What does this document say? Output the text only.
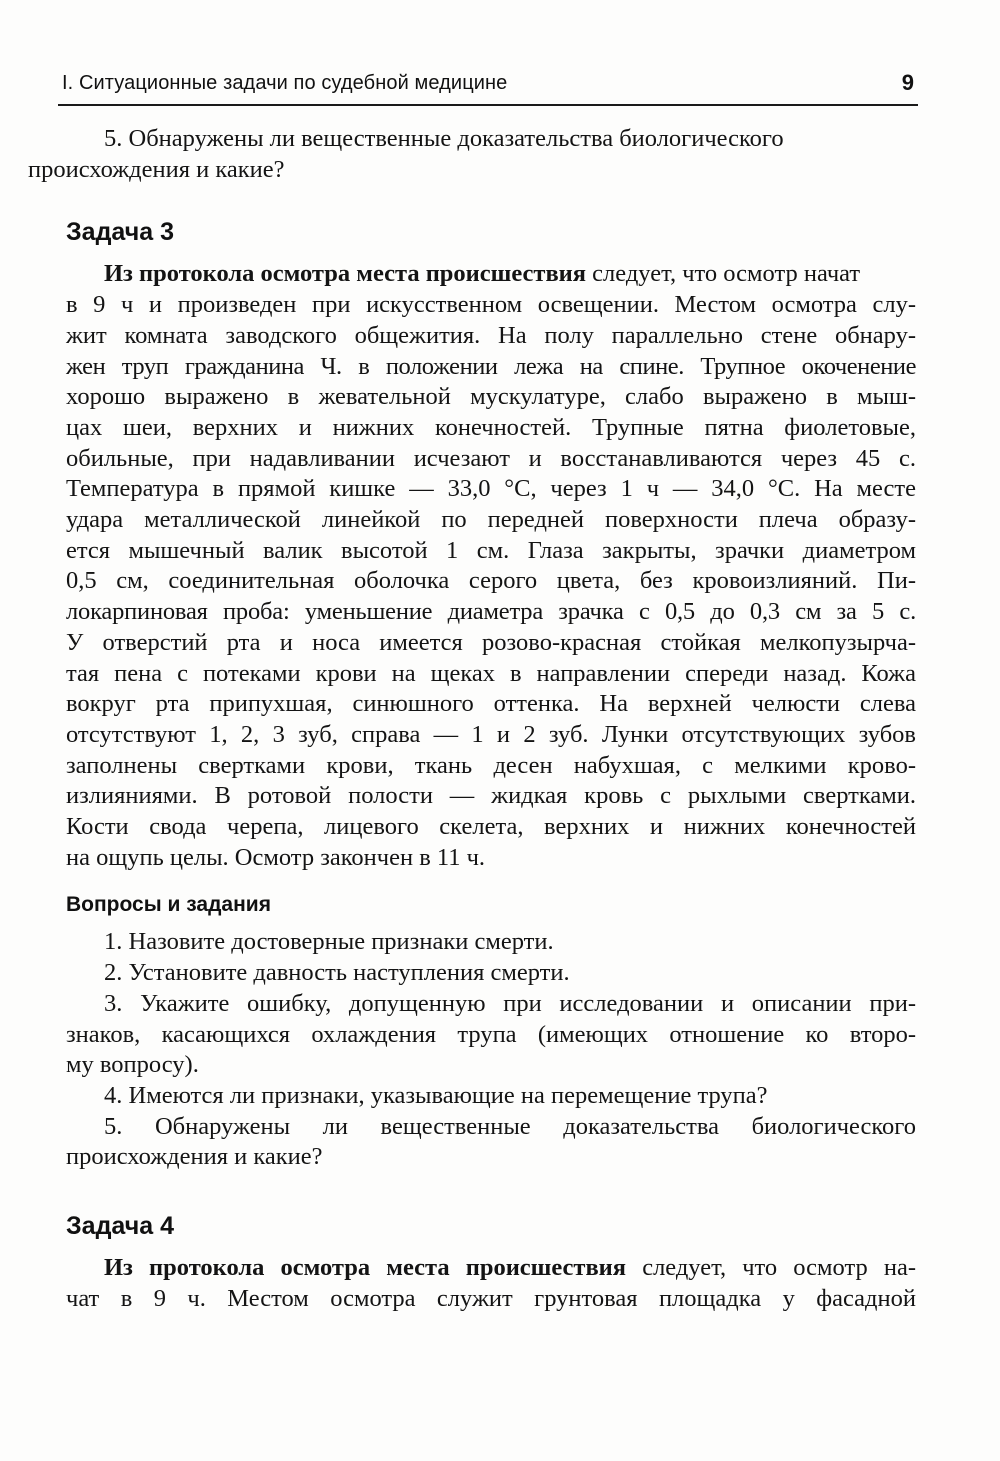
I. Ситуационные задачи по судебной медицине	9

5. Обнаружены ли вещественные доказательства биологического
происхождения и какие?

Задача 3

Из протокола осмотра места происшествия следует, что осмотр начат

в 9 ч и произведен при искусственном освещении. Местом осмотра слу-
жит комната заводского общежития. На полу параллельно стене обнару-
жен труп гражданина Ч. в положении лежа на спине. Трупное окоченение
хорошо выражено в жевательной мускулатуре, слабо выражено в мыш-
цах шеи, верхних и нижних конечностей. Трупные пятна фиолетовые,
обильные, при надавливании исчезают и восстанавливаются через 45 с.
Температура в прямой кишке — 33,0 °С, через 1 ч — 34,0 °С. На месте
удара металлической линейкой по передней поверхности плеча образу-
ется мышечный валик высотой 1 см. Глаза закрыты, зрачки диаметром
0,5 см, соединительная оболочка серого цвета, без кровоизлияний. Пи-
локарпиновая проба: уменьшение диаметра зрачка с 0,5 до 0,3 см за 5 с.
У отверстий рта и носа имеется розово-красная стойкая мелкопузырча-
тая пена с потеками крови на щеках в направлении спереди назад. Кожа
вокруг рта припухшая, синюшного оттенка. На верхней челюсти слева
отсутствуют 1, 2, 3 зуб, справа — 1 и 2 зуб. Лунки отсутствующих зубов
заполнены свертками крови, ткань десен набухшая, с мелкими крово-
излияниями. В ротовой полости — жидкая кровь с рыхлыми свертками.
Кости свода черепа, лицевого скелета, верхних и нижних конечностей
на ощупь целы. Осмотр закончен в 11 ч.
Вопросы и задания
1. Назовите достоверные признаки смерти.
2. Установите давность наступления смерти.
3. Укажите ошибку, допущенную при исследовании и описании при-
знаков, касающихся охлаждения трупа (имеющих отношение ко второ-
му вопросу).
4. Имеются ли признаки, указывающие на перемещение трупа?
5. Обнаружены ли вещественные доказательства биологического
происхождения и какие?
Задача 4
Из протокола осмотра места происшествия следует, что осмотр на-
чат в 9 ч. Местом осмотра служит грунтовая площадка у фасадной
